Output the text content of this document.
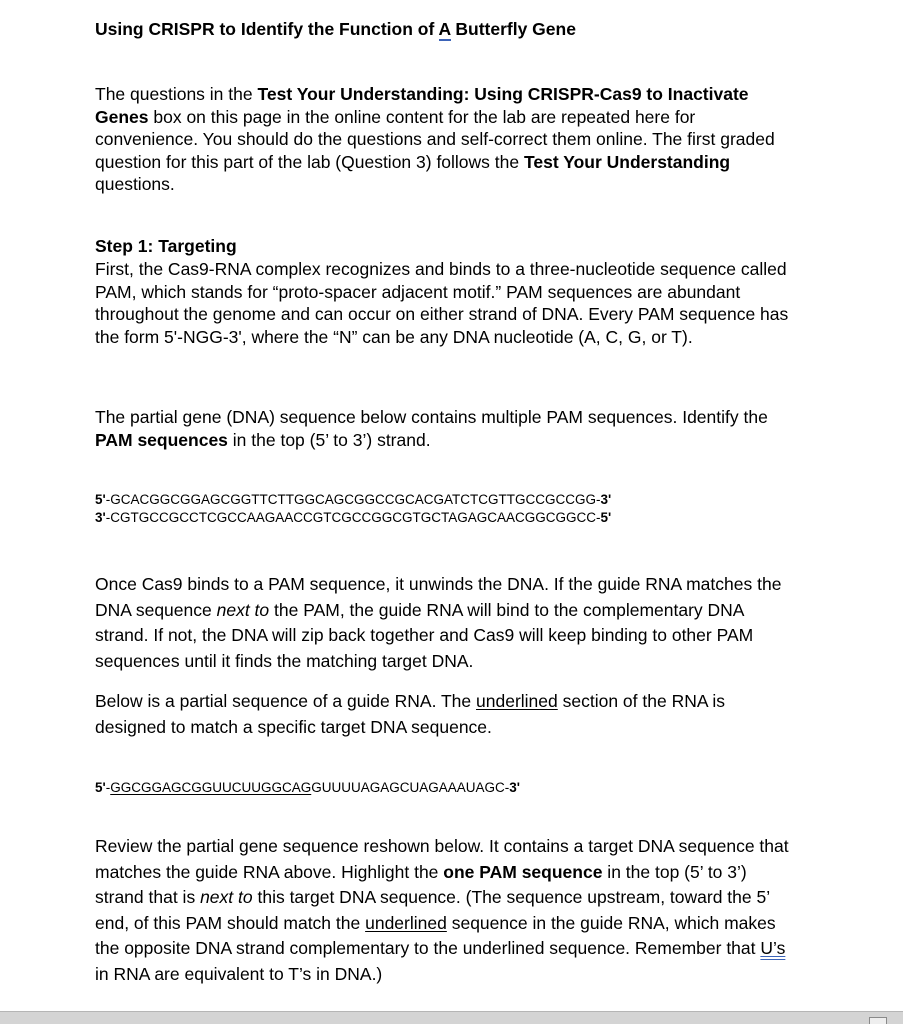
Using CRISPR to Identify the Function of A Butterfly Gene

The questions in the Test Your Understanding: Using CRISPR-Cas9 to Inactivate Genes box on this page in the online content for the lab are repeated here for convenience. You should do the questions and self-correct them online. The first graded question for this part of the lab (Question 3) follows the Test Your Understanding questions.

Step 1: Targeting

First, the Cas9-RNA complex recognizes and binds to a three-nucleotide sequence called PAM, which stands for “proto-spacer adjacent motif.” PAM sequences are abundant throughout the genome and can occur on either strand of DNA. Every PAM sequence has the form 5'-NGG-3', where the “N” can be any DNA nucleotide (A, C, G, or T).

The partial gene (DNA) sequence below contains multiple PAM sequences. Identify the PAM sequences in the top (5’ to 3’) strand.

5'-GCACGGCGGAGCGGTTCTTGGCAGCGGCCGCACGATCTCGTTGCCGCCGG-3'

3'-CGTGCCGCCTCGCCAAGAACCGTCGCCGGCGTGCTAGAGCAACGGCGGCC-5'

Once Cas9 binds to a PAM sequence, it unwinds the DNA. If the guide RNA matches the DNA sequence next to the PAM, the guide RNA will bind to the complementary DNA strand. If not, the DNA will zip back together and Cas9 will keep binding to other PAM sequences until it finds the matching target DNA.

Below is a partial sequence of a guide RNA. The underlined section of the RNA is designed to match a specific target DNA sequence.

5'-GGCGGAGCGGUUCUUGGCAGGUUUUAGAGCUAGAAAUAGC-3'

Review the partial gene sequence reshown below. It contains a target DNA sequence that matches the guide RNA above. Highlight the one PAM sequence in the top (5’ to 3’) strand that is next to this target DNA sequence. (The sequence upstream, toward the 5’ end, of this PAM should match the underlined sequence in the guide RNA, which makes the opposite DNA strand complementary to the underlined sequence. Remember that U’s in RNA are equivalent to T’s in DNA.)
